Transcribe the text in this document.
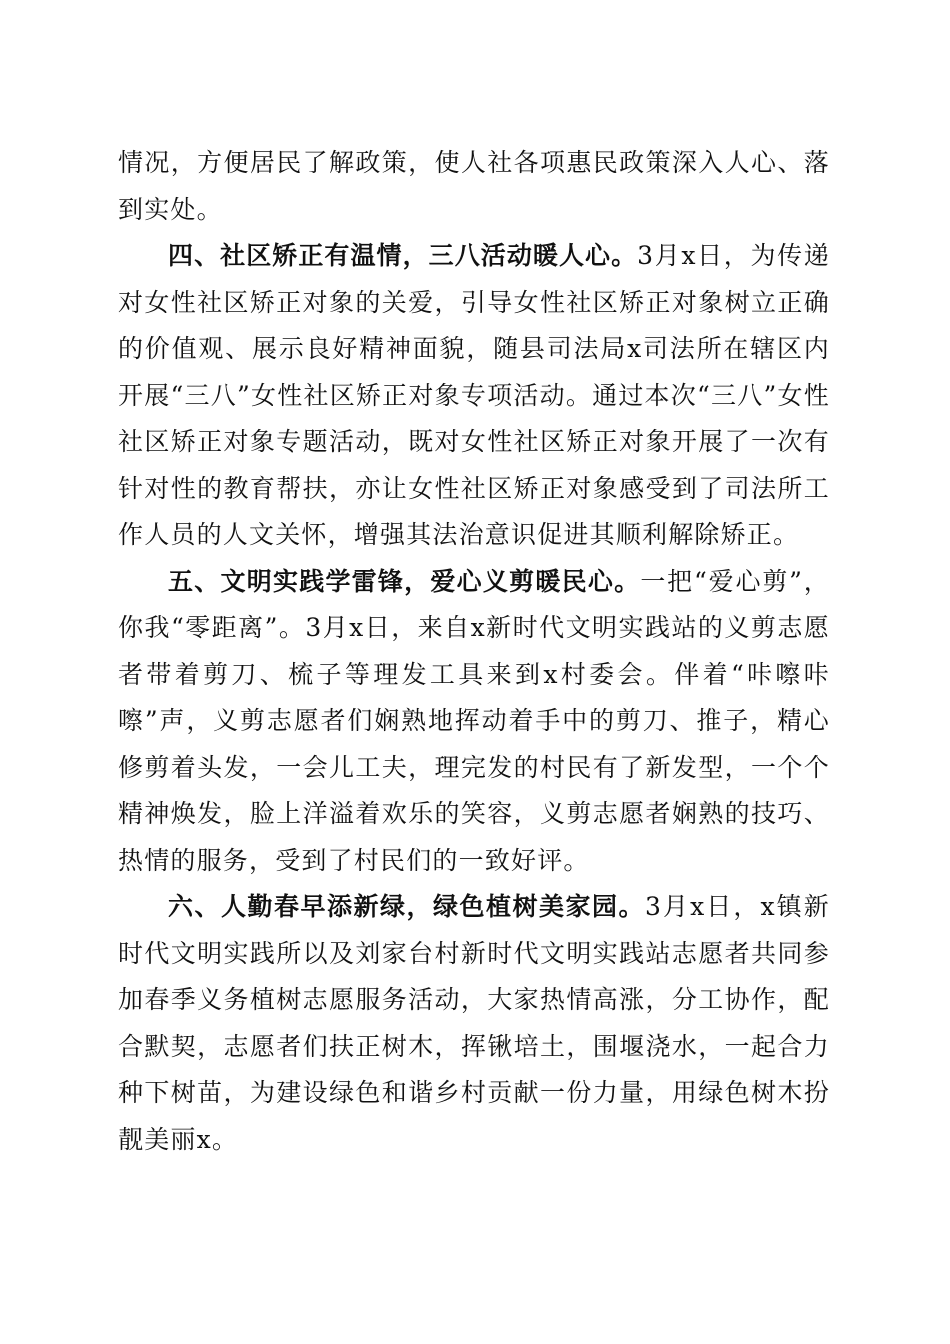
情况，方便居民了解政策，使人社各项惠民政策深入人心、落到实处。

四、社区矫正有温情，三八活动暖人心。3月x日，为传递对女性社区矫正对象的关爱，引导女性社区矫正对象树立正确的价值观、展示良好精神面貌，随县司法局x司法所在辖区内开展“三八”女性社区矫正对象专项活动。通过本次“三八”女性社区矫正对象专题活动，既对女性社区矫正对象开展了一次有针对性的教育帮扶，亦让女性社区矫正对象感受到了司法所工作人员的人文关怀，增强其法治意识促进其顺利解除矫正。

五、文明实践学雷锋，爱心义剪暖民心。一把“爱心剪”，你我“零距离”。3月x日，来自x新时代文明实践站的义剪志愿者带着剪刀、梳子等理发工具来到x村委会。伴着“咔嚓咔嚓”声，义剪志愿者们娴熟地挥动着手中的剪刀、推子，精心修剪着头发，一会儿工夫，理完发的村民有了新发型，一个个精神焕发，脸上洋溢着欢乐的笑容，义剪志愿者娴熟的技巧、热情的服务，受到了村民们的一致好评。

六、人勤春早添新绿，绿色植树美家园。3月x日，x镇新时代文明实践所以及刘家台村新时代文明实践站志愿者共同参加春季义务植树志愿服务活动，大家热情高涨，分工协作，配合默契，志愿者们扶正树木，挥锹培土，围堰浇水，一起合力种下树苗，为建设绿色和谐乡村贡献一份力量，用绿色树木扮靓美丽x。
